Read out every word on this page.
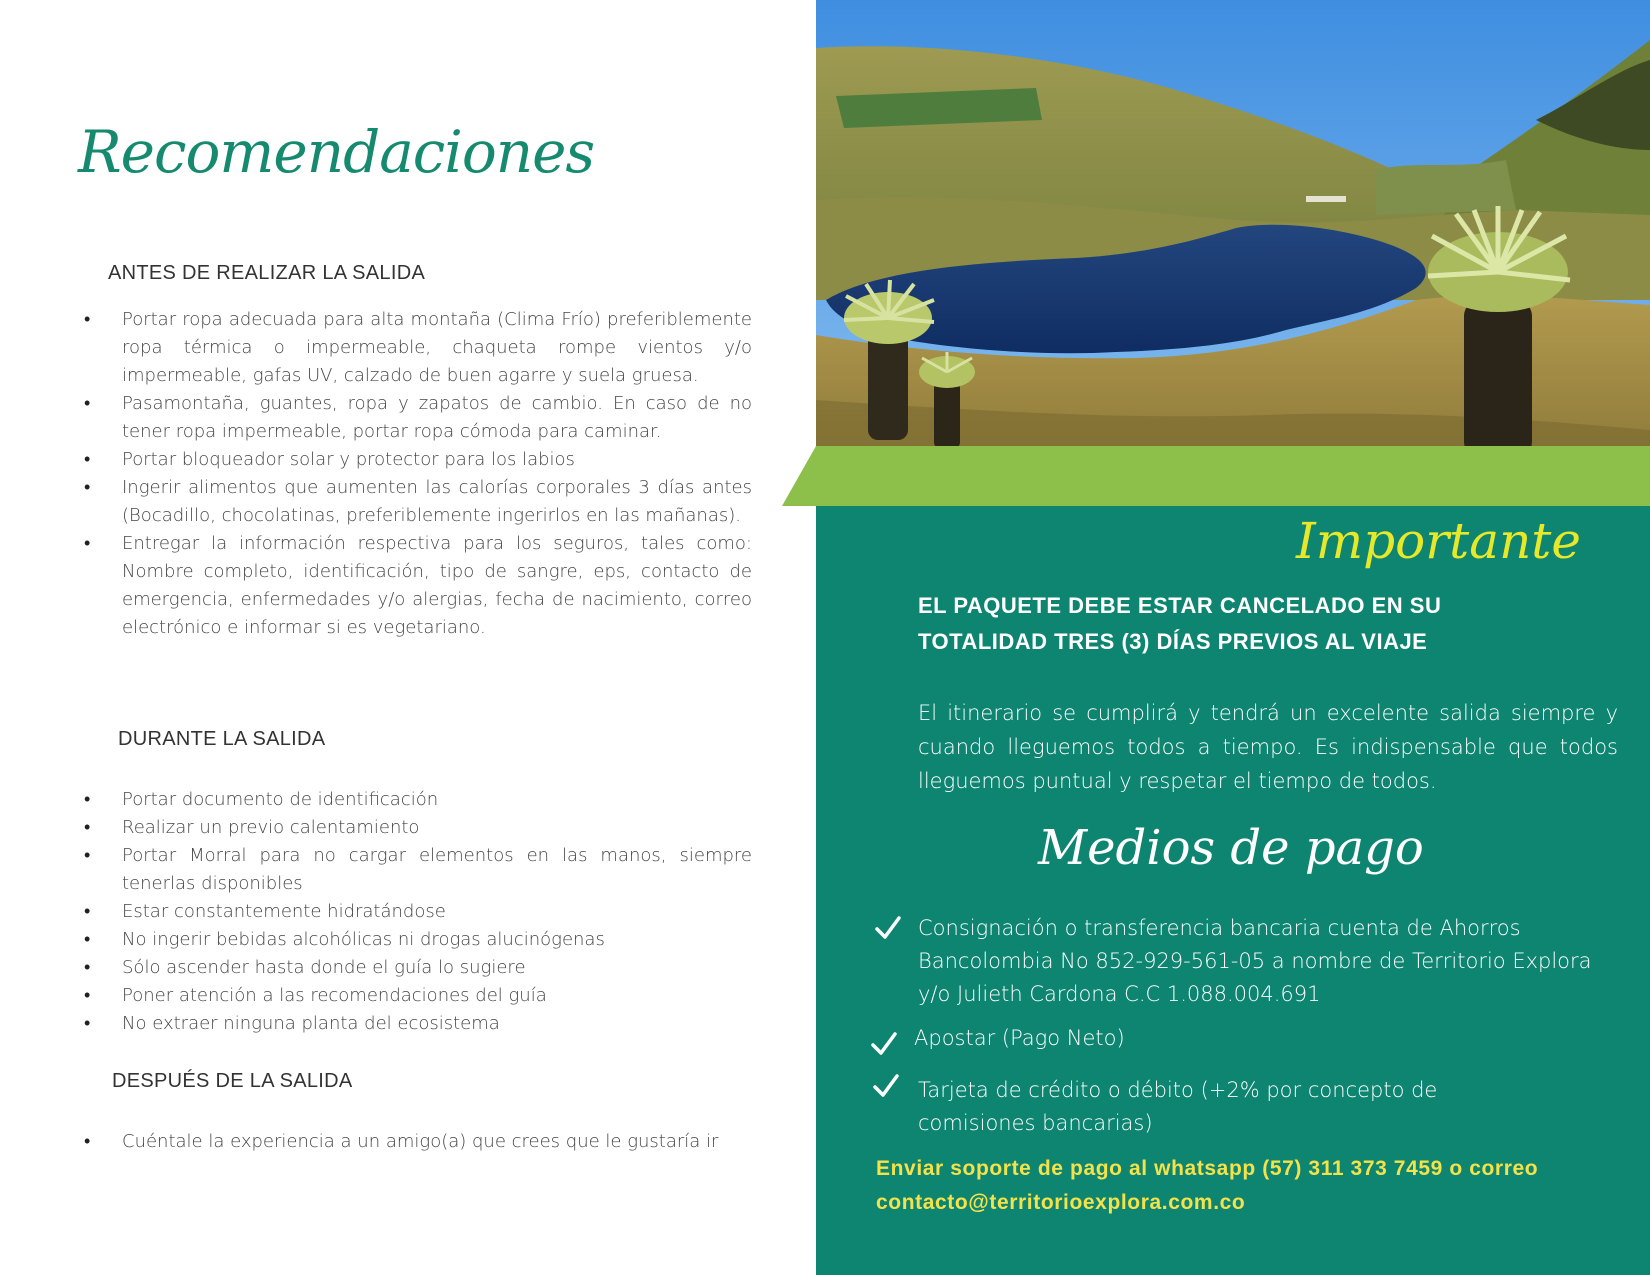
Recomendaciones
ANTES DE REALIZAR LA SALIDA
• Portar ropa adecuada para alta montaña (Clima Frío) preferiblemente ropa térmica o impermeable, chaqueta rompe vientos y/o impermeable, gafas UV, calzado de buen agarre y suela gruesa.
• Pasamontaña, guantes, ropa y zapatos de cambio. En caso de no tener ropa impermeable, portar ropa cómoda para caminar.
• Portar bloqueador solar y protector para los labios
• Ingerir alimentos que aumenten las calorías corporales 3 días antes (Bocadillo, chocolatinas, preferiblemente ingerirlos en las mañanas).
• Entregar la información respectiva para los seguros, tales como: Nombre completo, identificación, tipo de sangre, eps, contacto de emergencia, enfermedades y/o alergias, fecha de nacimiento, correo electrónico e informar si es vegetariano.
DURANTE LA SALIDA
• Portar documento de identificación
• Realizar un previo calentamiento
• Portar Morral para no cargar elementos en las manos, siempre tenerlas disponibles
• Estar constantemente hidratándose
• No ingerir bebidas alcohólicas ni drogas alucinógenas
• Sólo ascender hasta donde el guía lo sugiere
• Poner atención a las recomendaciones del guía
• No extraer ninguna planta del ecosistema
DESPUÉS DE LA SALIDA
• Cuéntale la experiencia a un amigo(a) que crees que le gustaría ir
Importante
EL PAQUETE DEBE ESTAR CANCELADO EN SU
TOTALIDAD TRES (3) DÍAS PREVIOS AL VIAJE
El itinerario se cumplirá y tendrá un excelente salida siempre y cuando lleguemos todos a tiempo. Es indispensable que todos lleguemos puntual y respetar el tiempo de todos.
Medios de pago
Consignación o transferencia bancaria cuenta de Ahorros Bancolombia No 852-929-561-05 a nombre de Territorio Explora y/o Julieth Cardona C.C 1.088.004.691
Apostar (Pago Neto)
Tarjeta de crédito o débito (+2% por concepto de comisiones bancarias)
Enviar soporte de pago al whatsapp (57) 311 373 7459 o correo
contacto@territorioexplora.com.co
